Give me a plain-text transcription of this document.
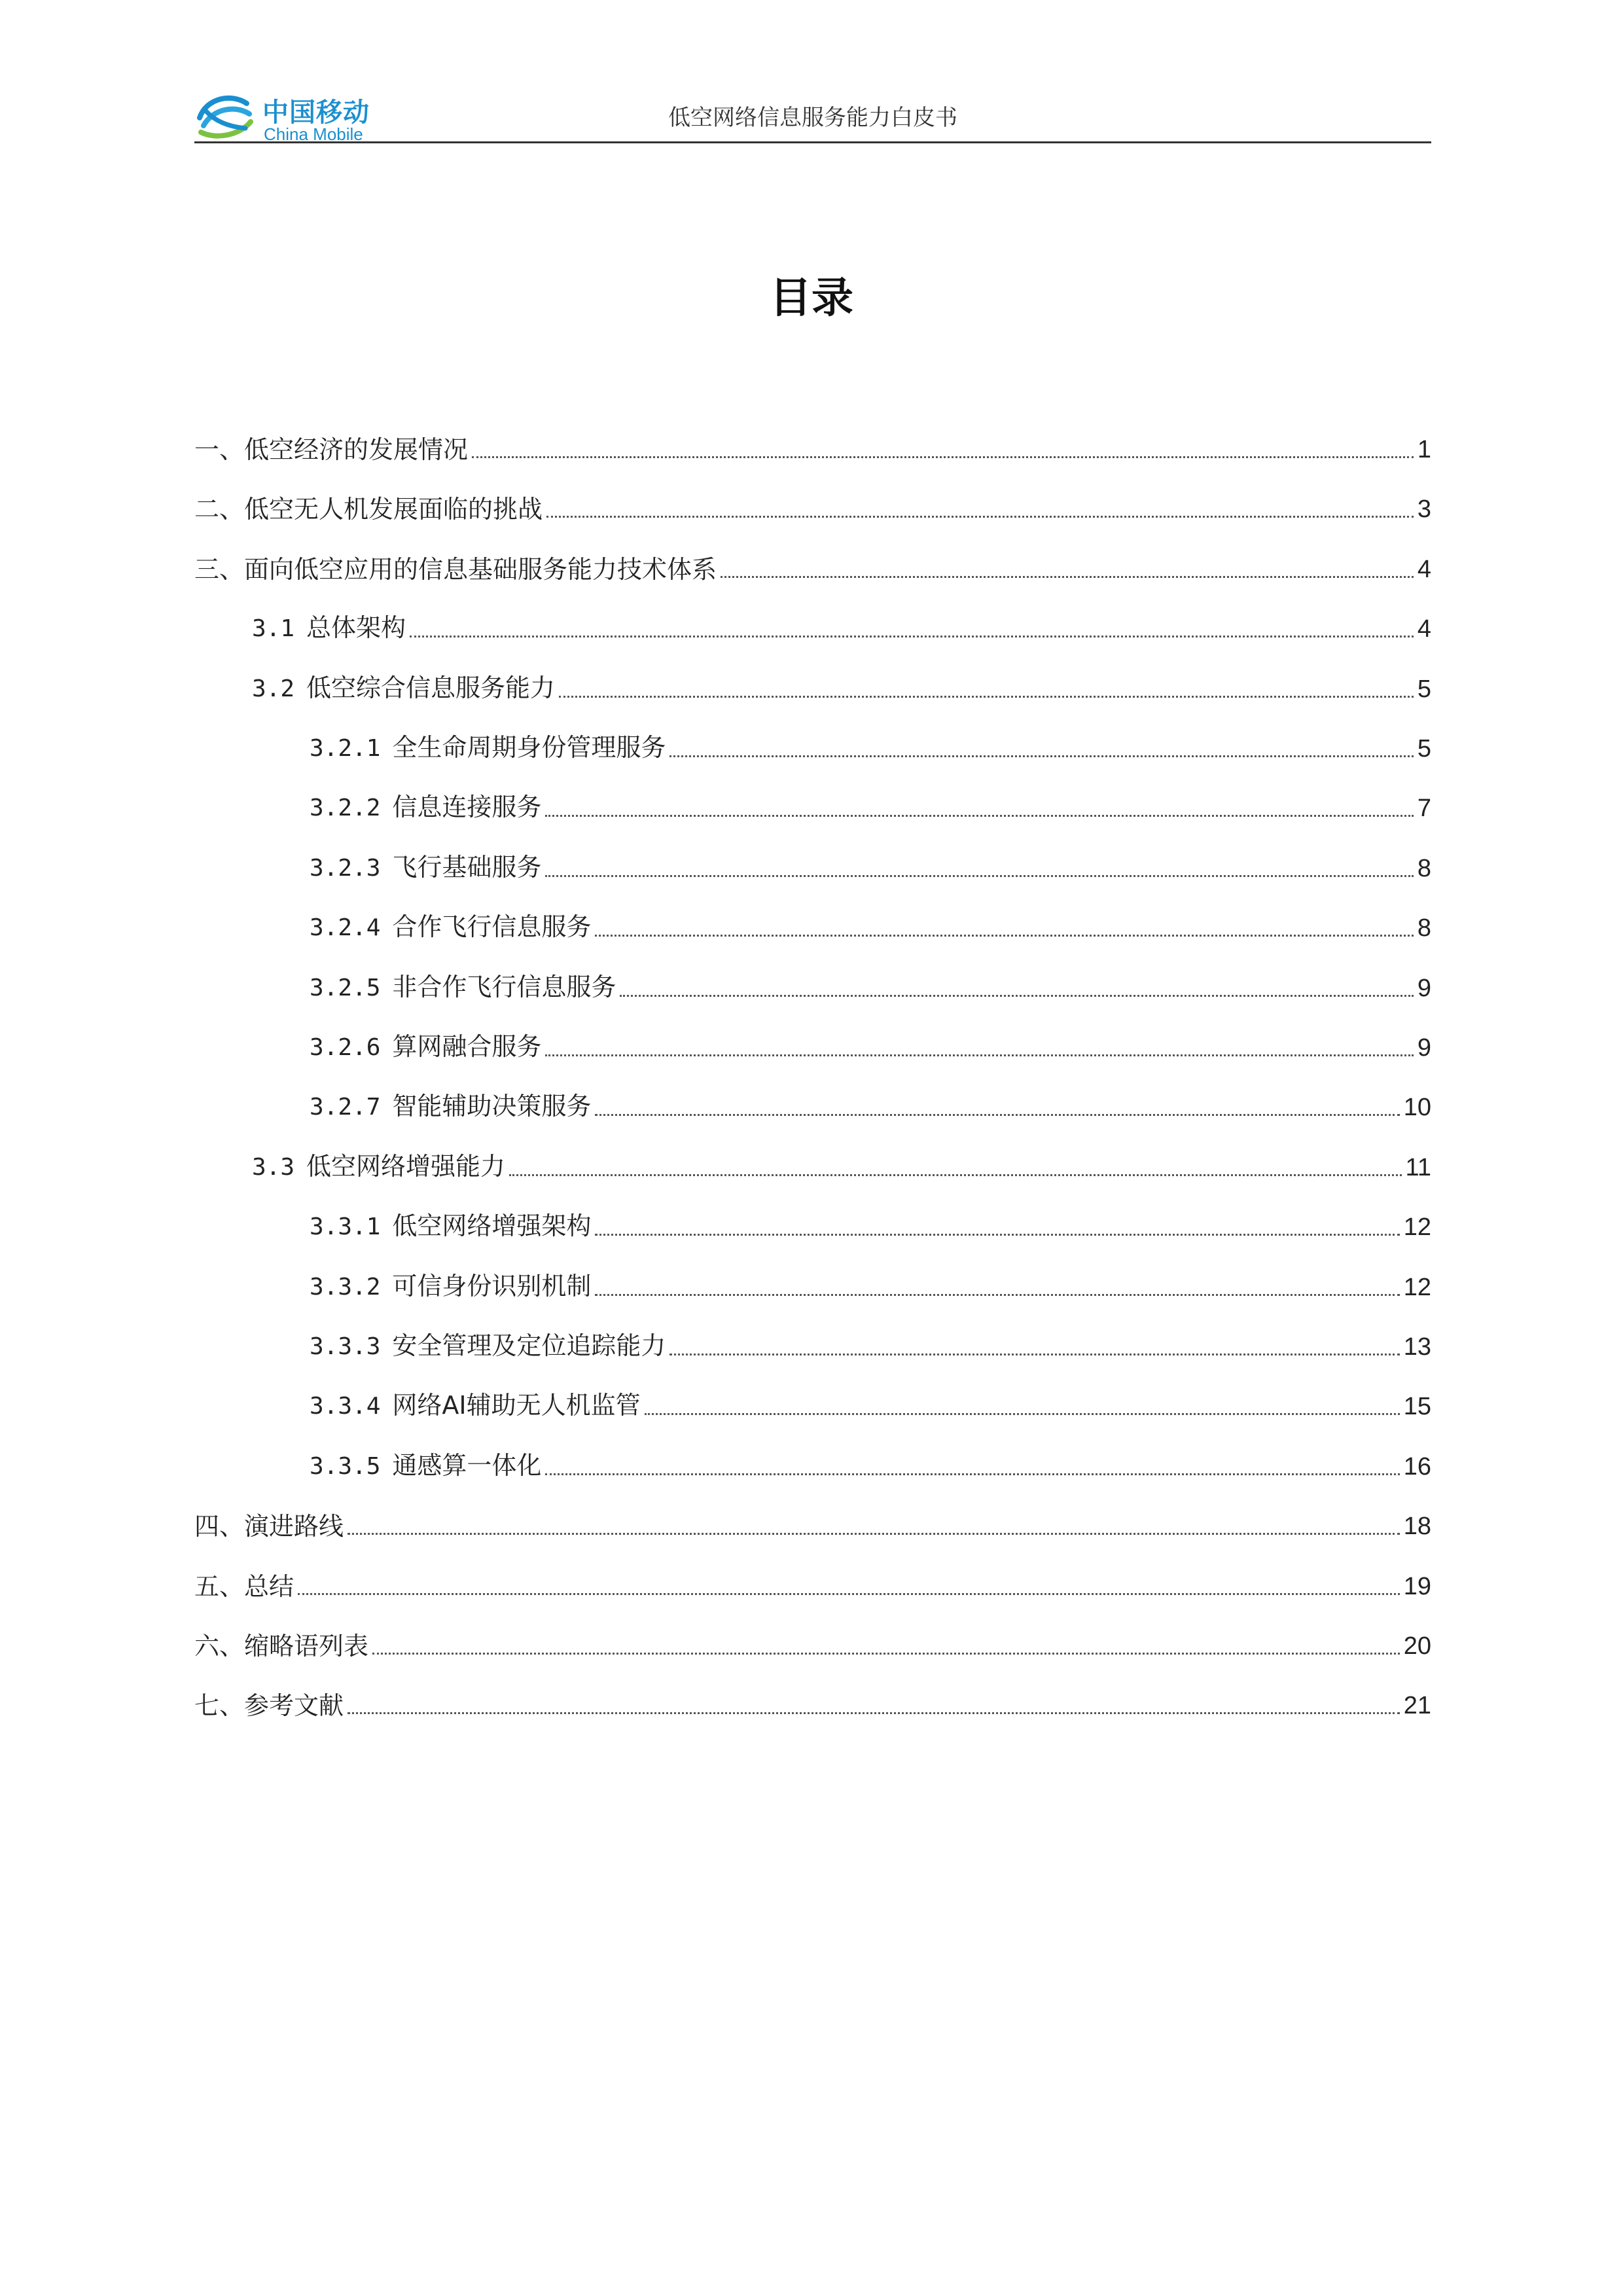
中国移动
China Mobile
低空网络信息服务能力白皮书
目录
一、低空经济的发展情况	1
二、低空无人机发展面临的挑战	3
三、面向低空应用的信息基础服务能力技术体系	4
3.1 总体架构	4
3.2 低空综合信息服务能力	5
3.2.1 全生命周期身份管理服务	5
3.2.2 信息连接服务	7
3.2.3 飞行基础服务	8
3.2.4 合作飞行信息服务	8
3.2.5 非合作飞行信息服务	9
3.2.6 算网融合服务	9
3.2.7 智能辅助决策服务	10
3.3 低空网络增强能力	11
3.3.1 低空网络增强架构	12
3.3.2 可信身份识别机制	12
3.3.3 安全管理及定位追踪能力	13
3.3.4 网络AI辅助无人机监管	15
3.3.5 通感算一体化	16
四、演进路线	18
五、总结	19
六、缩略语列表	20
七、参考文献	21
